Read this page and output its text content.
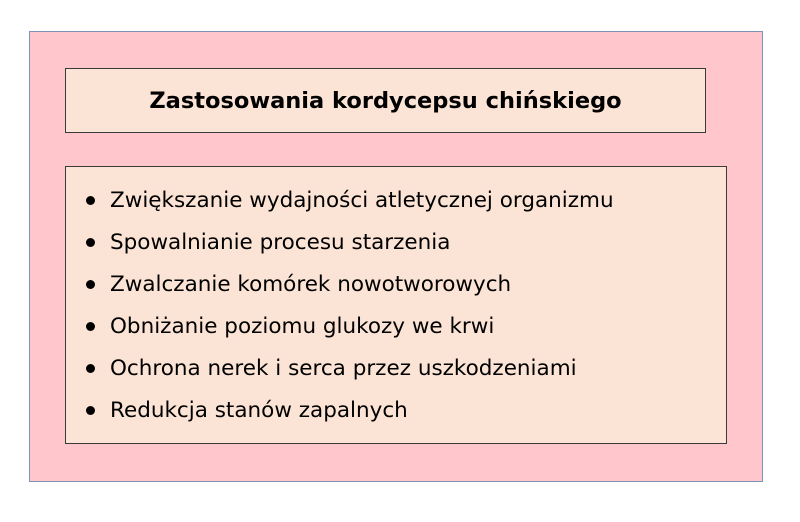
Zastosowania kordycepsu chińskiego
Zwiększanie wydajności atletycznej organizmu
Spowalnianie procesu starzenia
Zwalczanie komórek nowotworowych
Obniżanie poziomu glukozy we krwi
Ochrona nerek i serca przez uszkodzeniami
Redukcja stanów zapalnych
